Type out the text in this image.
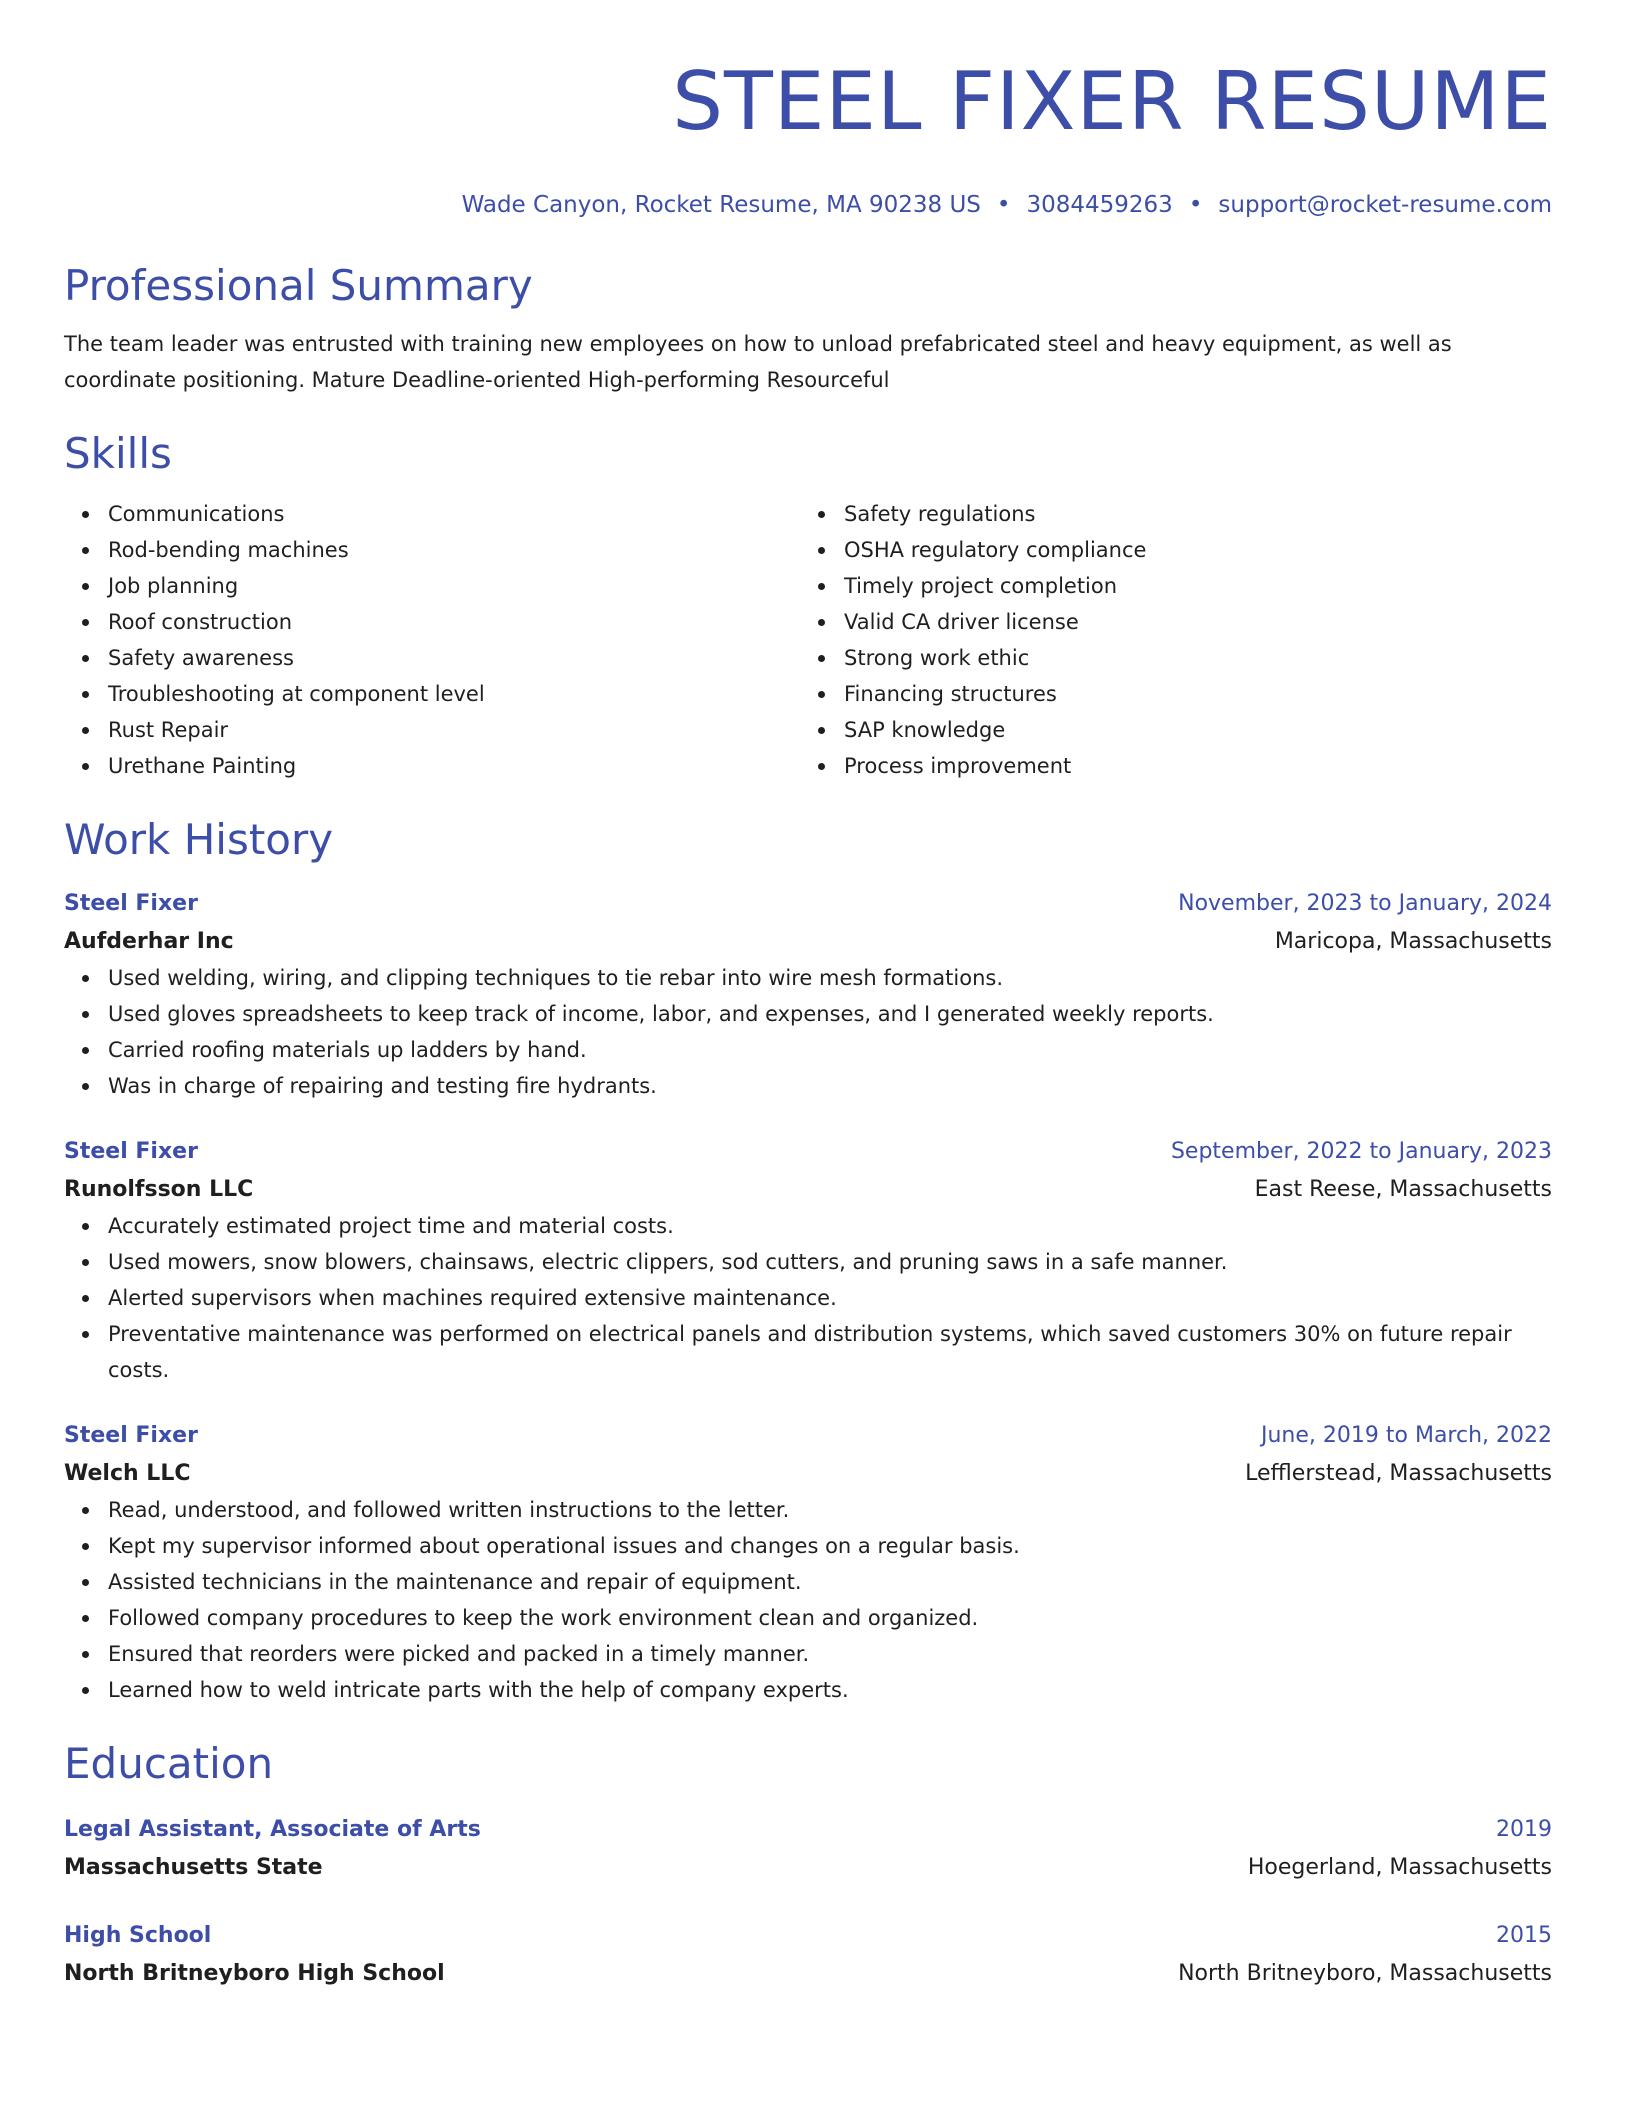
STEEL FIXER RESUME
Wade Canyon, Rocket Resume, MA 90238 US • 3084459263 • support@rocket-resume.com
Professional Summary
The team leader was entrusted with training new employees on how to unload prefabricated steel and heavy equipment, as well as coordinate positioning. Mature Deadline-oriented High-performing Resourceful
Skills
Communications
Rod-bending machines
Job planning
Roof construction
Safety awareness
Troubleshooting at component level
Rust Repair
Urethane Painting
Safety regulations
OSHA regulatory compliance
Timely project completion
Valid CA driver license
Strong work ethic
Financing structures
SAP knowledge
Process improvement
Work History
Steel Fixer	November, 2023 to January, 2024
Aufderhar Inc	Maricopa, Massachusetts
Used welding, wiring, and clipping techniques to tie rebar into wire mesh formations.
Used gloves spreadsheets to keep track of income, labor, and expenses, and I generated weekly reports.
Carried roofing materials up ladders by hand.
Was in charge of repairing and testing fire hydrants.
Steel Fixer	September, 2022 to January, 2023
Runolfsson LLC	East Reese, Massachusetts
Accurately estimated project time and material costs.
Used mowers, snow blowers, chainsaws, electric clippers, sod cutters, and pruning saws in a safe manner.
Alerted supervisors when machines required extensive maintenance.
Preventative maintenance was performed on electrical panels and distribution systems, which saved customers 30% on future repair costs.
Steel Fixer	June, 2019 to March, 2022
Welch LLC	Lefflerstead, Massachusetts
Read, understood, and followed written instructions to the letter.
Kept my supervisor informed about operational issues and changes on a regular basis.
Assisted technicians in the maintenance and repair of equipment.
Followed company procedures to keep the work environment clean and organized.
Ensured that reorders were picked and packed in a timely manner.
Learned how to weld intricate parts with the help of company experts.
Education
Legal Assistant, Associate of Arts	2019
Massachusetts State	Hoegerland, Massachusetts
High School	2015
North Britneyboro High School	North Britneyboro, Massachusetts
